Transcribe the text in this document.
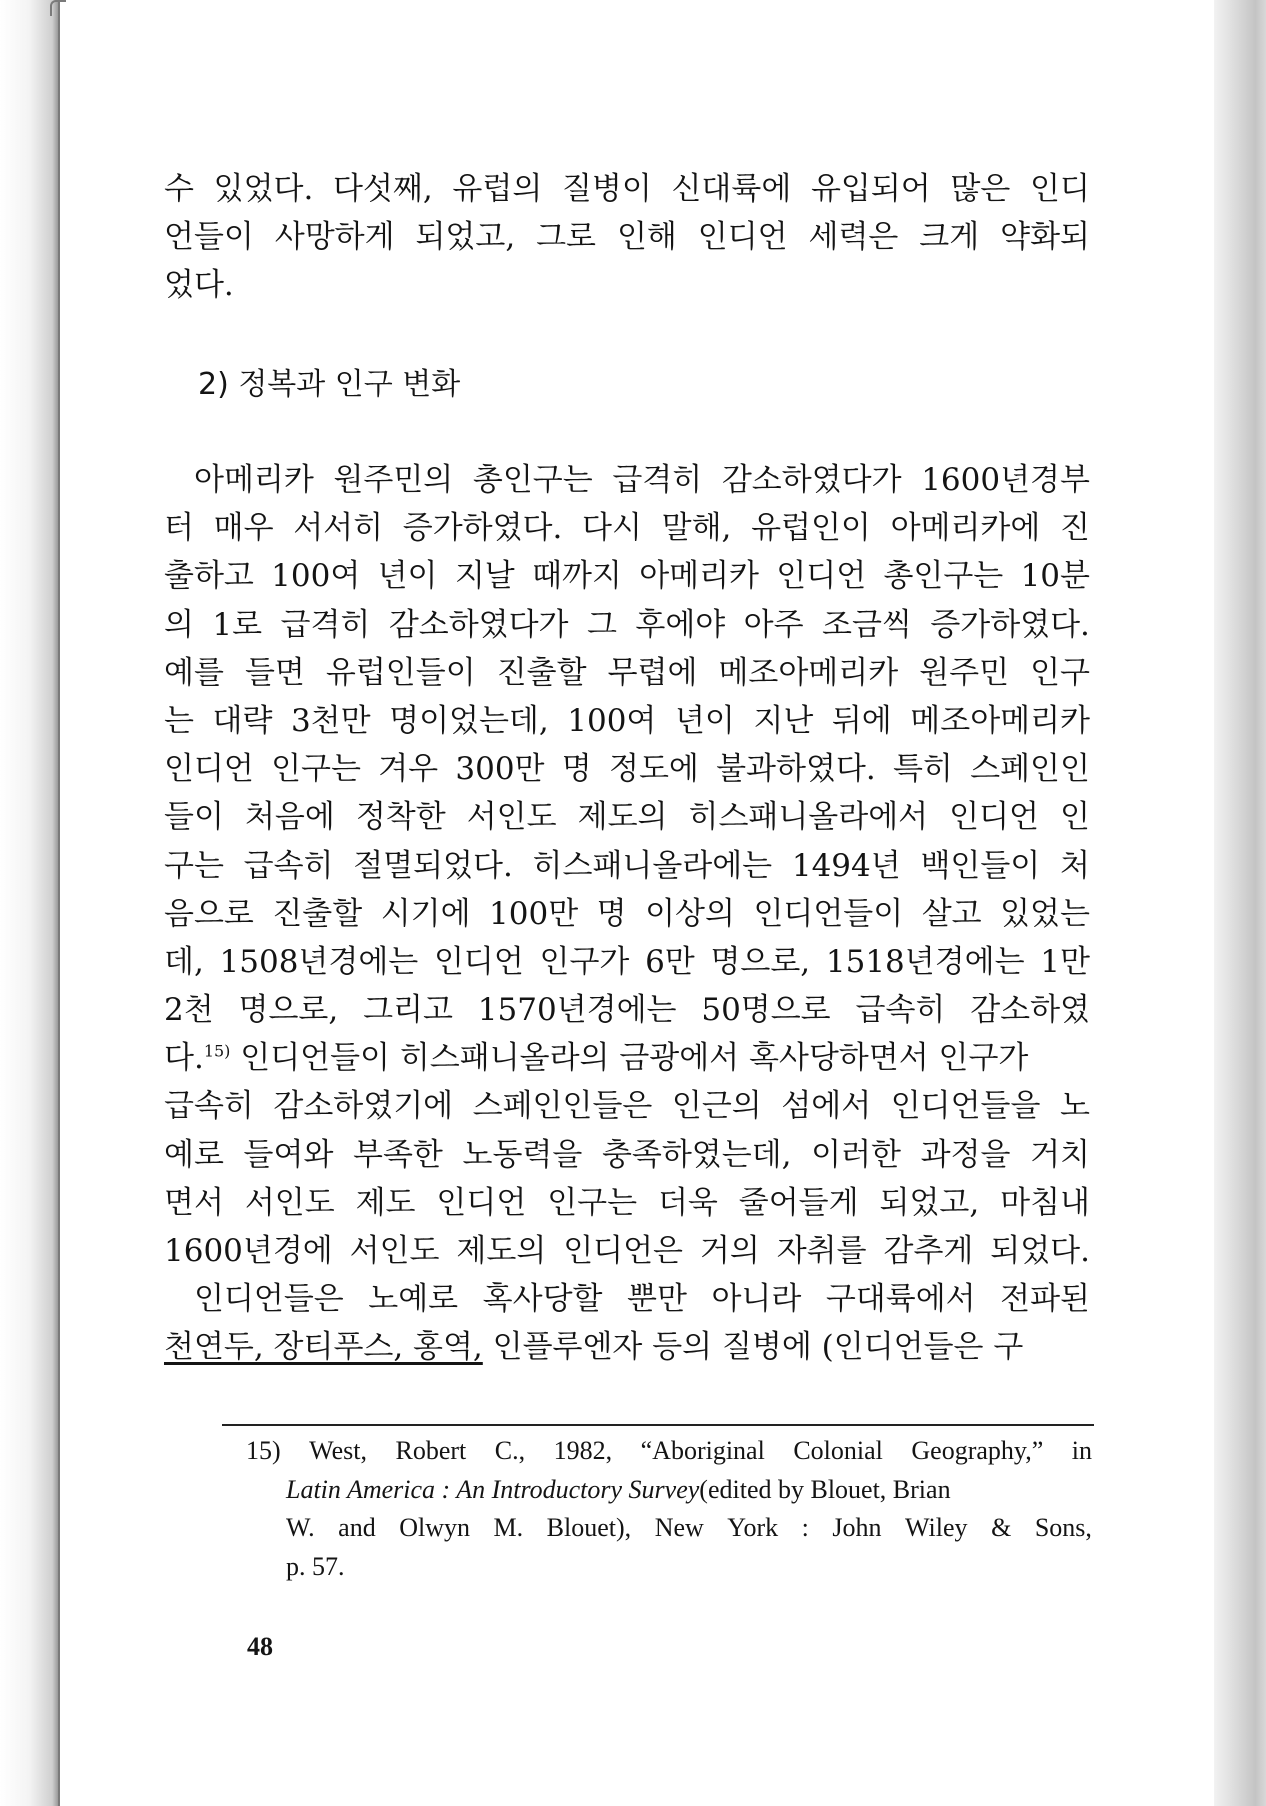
수 있었다. 다섯째, 유럽의 질병이 신대륙에 유입되어 많은 인디
언들이 사망하게 되었고, 그로 인해 인디언 세력은 크게 약화되
었다.
2) 정복과 인구 변화
아메리카 원주민의 총인구는 급격히 감소하였다가 1600년경부
터 매우 서서히 증가하였다. 다시 말해, 유럽인이 아메리카에 진
출하고 100여 년이 지날 때까지 아메리카 인디언 총인구는 10분
의 1로 급격히 감소하였다가 그 후에야 아주 조금씩 증가하였다.
예를 들면 유럽인들이 진출할 무렵에 메조아메리카 원주민 인구
는 대략 3천만 명이었는데, 100여 년이 지난 뒤에 메조아메리카
인디언 인구는 겨우 300만 명 정도에 불과하였다. 특히 스페인인
들이 처음에 정착한 서인도 제도의 히스패니올라에서 인디언 인
구는 급속히 절멸되었다. 히스패니올라에는 1494년 백인들이 처
음으로 진출할 시기에 100만 명 이상의 인디언들이 살고 있었는
데, 1508년경에는 인디언 인구가 6만 명으로, 1518년경에는 1만
2천 명으로, 그리고 1570년경에는 50명으로 급속히 감소하였
다.$^{15)}$ 인디언들이 히스패니올라의 금광에서 혹사당하면서 인구가
급속히 감소하였기에 스페인인들은 인근의 섬에서 인디언들을 노
예로 들여와 부족한 노동력을 충족하였는데, 이러한 과정을 거치
면서 서인도 제도 인디언 인구는 더욱 줄어들게 되었고, 마침내
1600년경에 서인도 제도의 인디언은 거의 자취를 감추게 되었다.
인디언들은 노예로 혹사당할 뿐만 아니라 구대륙에서 전파된
천연두, 장티푸스, 홍역, 인플루엔자 등의 질병에 (인디언들은 구
15) West, Robert C., 1982, “Aboriginal Colonial Geography,” in
Latin America : An Introductory Survey(edited by Blouet, Brian
W. and Olwyn M. Blouet), New York : John Wiley & Sons,
p. 57.
48
